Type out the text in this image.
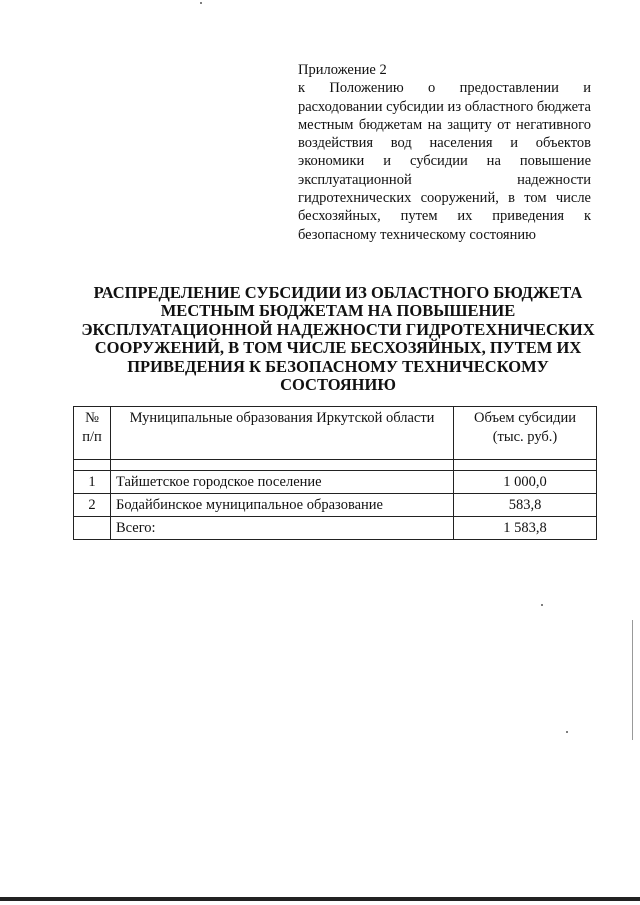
Приложение 2
к Положению о предоставлении и расходовании субсидии из областного бюджета местным бюджетам на защиту от негативного воздействия вод населения и объектов экономики и субсидии на повышение эксплуатационной надежности гидротехнических сооружений, в том числе бесхозяйных, путем их приведения к безопасному техническому состоянию
РАСПРЕДЕЛЕНИЕ СУБСИДИИ ИЗ ОБЛАСТНОГО БЮДЖЕТА МЕСТНЫМ БЮДЖЕТАМ НА ПОВЫШЕНИЕ ЭКСПЛУАТАЦИОННОЙ НАДЕЖНОСТИ ГИДРОТЕХНИЧЕСКИХ СООРУЖЕНИЙ, В ТОМ ЧИСЛЕ БЕСХОЗЯЙНЫХ, ПУТЕМ ИХ ПРИВЕДЕНИЯ К БЕЗОПАСНОМУ ТЕХНИЧЕСКОМУ СОСТОЯНИЮ
№ п/п	Муниципальные образования Иркутской области	Объем субсидии (тыс. руб.)

1	Тайшетское городское поселение	1 000,0
2	Бодайбинское муниципальное образование	583,8
	Всего:	1 583,8
